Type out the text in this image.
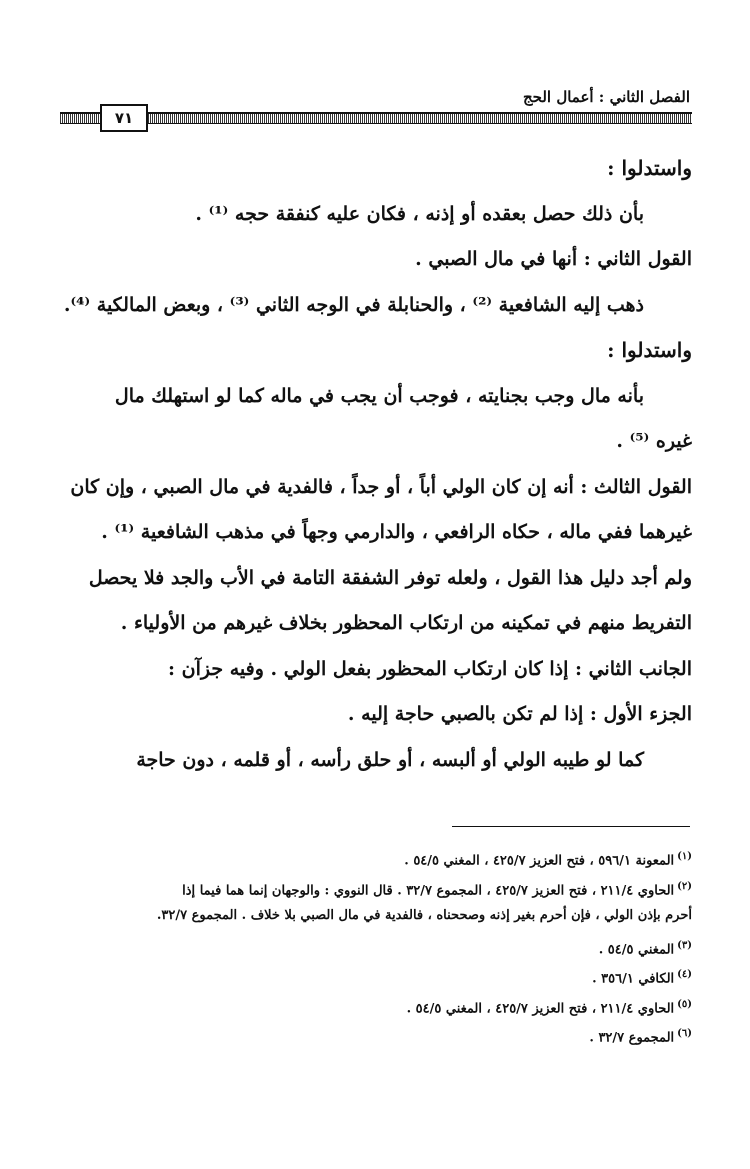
الفصل الثاني : أعمال الحج
٧١
واستدلوا :
بأن ذلك حصل بعقده أو إذنه ، فكان عليه كنفقة حجه ⁽¹⁾ .
القول الثاني : أنها في مال الصبي .
ذهب إليه الشافعية ⁽²⁾ ، والحنابلة في الوجه الثاني ⁽³⁾ ، وبعض المالكية ⁽⁴⁾.
واستدلوا :
بأنه مال وجب بجنايته ، فوجب أن يجب في ماله كما لو استهلك مال
غيره ⁽⁵⁾ .
القول الثالث : أنه إن كان الولي أباً ، أو جداً ، فالفدية في مال الصبي ، وإن كان
غيرهما ففي ماله ، حكاه الرافعي ، والدارمي وجهاً في مذهب الشافعية ⁽¹⁾ .
ولم أجد دليل هذا القول ، ولعله توفر الشفقة التامة في الأب والجد فلا يحصل
التفريط منهم في تمكينه من ارتكاب المحظور بخلاف غيرهم من الأولياء .
الجانب الثاني : إذا كان ارتكاب المحظور بفعل الولي . وفيه جزآن :
الجزء الأول : إذا لم تكن بالصبي حاجة إليه .
كما لو طيبه الولي أو ألبسه ، أو حلق رأسه ، أو قلمه ، دون حاجة
$^{(١)}$المعونة ٥٩٦/١ ، فتح العزيز ٤٢٥/٧ ، المغني ٥٤/٥ .
$^{(٢)}$الحاوي ٢١١/٤ ، فتح العزيز ٤٢٥/٧ ، المجموع ٣٢/٧ . قال النووي : والوجهان إنما هما فيما إذا
أحرم بإذن الولي ، فإن أحرم بغير إذنه وصححناه ، فالفدية في مال الصبي بلا خلاف . المجموع ٣٢/٧.
$^{(٣)}$المغني ٥٤/٥ .
$^{(٤)}$الكافي ٣٥٦/١ .
$^{(٥)}$الحاوي ٢١١/٤ ، فتح العزيز ٤٢٥/٧ ، المغني ٥٤/٥ .
$^{(٦)}$المجموع ٣٢/٧ .
